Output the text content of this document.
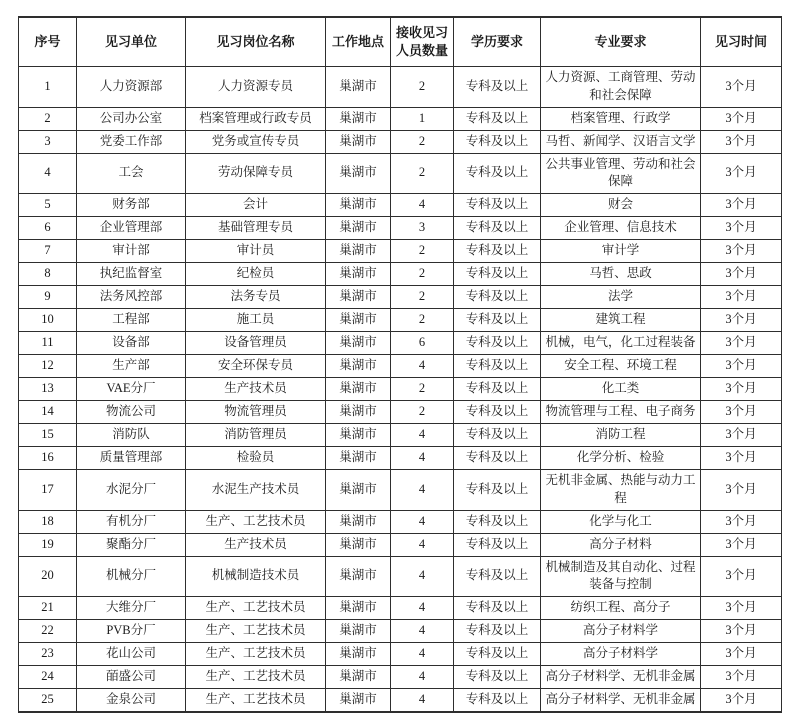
序号	见习单位	见习岗位名称	工作地点	接收见习人员数量	学历要求	专业要求	见习时间
1	人力资源部	人力资源专员	巢湖市	2	专科及以上	人力资源、工商管理、劳动和社会保障	3个月
2	公司办公室	档案管理或行政专员	巢湖市	1	专科及以上	档案管理、行政学	3个月
3	党委工作部	党务或宣传专员	巢湖市	2	专科及以上	马哲、新闻学、汉语言文学	3个月
4	工会	劳动保障专员	巢湖市	2	专科及以上	公共事业管理、劳动和社会保障	3个月
5	财务部	会计	巢湖市	4	专科及以上	财会	3个月
6	企业管理部	基础管理专员	巢湖市	3	专科及以上	企业管理、信息技术	3个月
7	审计部	审计员	巢湖市	2	专科及以上	审计学	3个月
8	执纪监督室	纪检员	巢湖市	2	专科及以上	马哲、思政	3个月
9	法务风控部	法务专员	巢湖市	2	专科及以上	法学	3个月
10	工程部	施工员	巢湖市	2	专科及以上	建筑工程	3个月
11	设备部	设备管理员	巢湖市	6	专科及以上	机械，电气，化工过程装备	3个月
12	生产部	安全环保专员	巢湖市	4	专科及以上	安全工程、环境工程	3个月
13	VAE分厂	生产技术员	巢湖市	2	专科及以上	化工类	3个月
14	物流公司	物流管理员	巢湖市	2	专科及以上	物流管理与工程、电子商务	3个月
15	消防队	消防管理员	巢湖市	4	专科及以上	消防工程	3个月
16	质量管理部	检验员	巢湖市	4	专科及以上	化学分析、检验	3个月
17	水泥分厂	水泥生产技术员	巢湖市	4	专科及以上	无机非金属、热能与动力工程	3个月
18	有机分厂	生产、工艺技术员	巢湖市	4	专科及以上	化学与化工	3个月
19	聚酯分厂	生产技术员	巢湖市	4	专科及以上	高分子材料	3个月
20	机械分厂	机械制造技术员	巢湖市	4	专科及以上	机械制造及其自动化、过程装备与控制	3个月
21	大维分厂	生产、工艺技术员	巢湖市	4	专科及以上	纺织工程、高分子	3个月
22	PVB分厂	生产、工艺技术员	巢湖市	4	专科及以上	高分子材料学	3个月
23	花山公司	生产、工艺技术员	巢湖市	4	专科及以上	高分子材料学	3个月
24	皕盛公司	生产、工艺技术员	巢湖市	4	专科及以上	高分子材料学、无机非金属	3个月
25	金泉公司	生产、工艺技术员	巢湖市	4	专科及以上	高分子材料学、无机非金属	3个月
